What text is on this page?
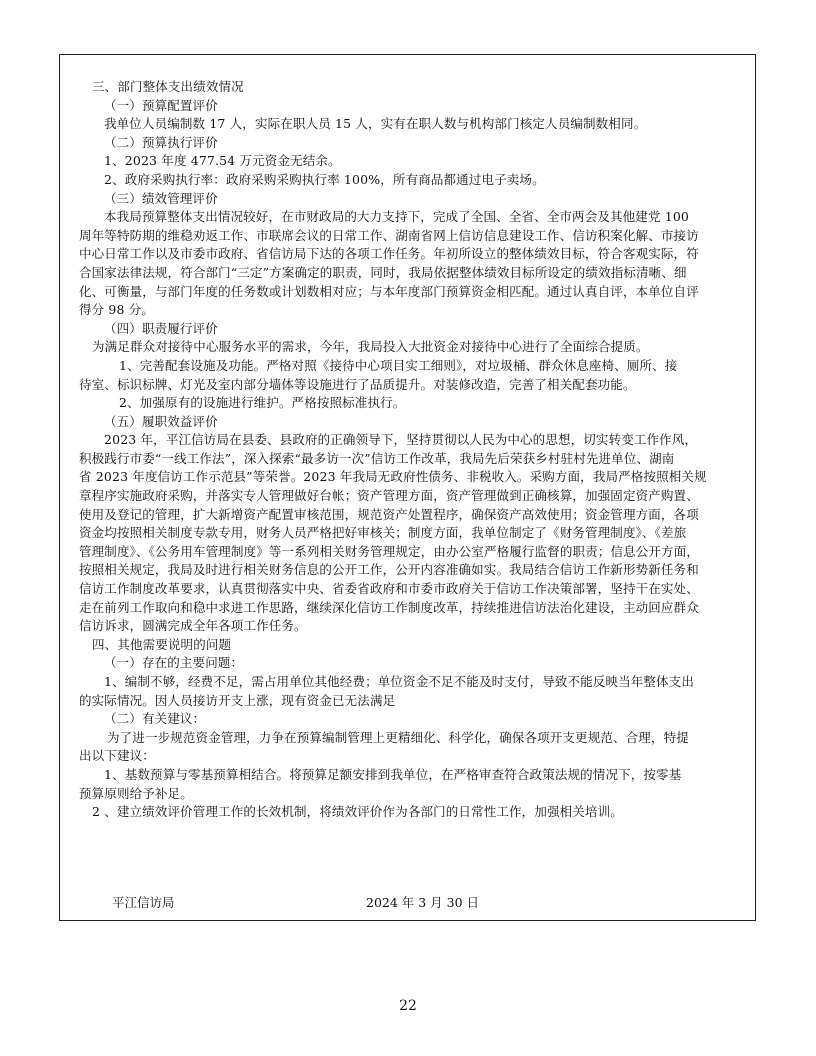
三、部门整体支出绩效情况
（一）预算配置评价
我单位人员编制数 17 人，实际在职人员 15 人，实有在职人数与机构部门核定人员编制数相同。
（二）预算执行评价
1、2023 年度 477.54 万元资金无结余。
2、政府采购执行率：政府采购采购执行率 100%，所有商品都通过电子卖场。
（三）绩效管理评价
本我局预算整体支出情况较好，在市财政局的大力支持下，完成了全国、全省、全市两会及其他建党 100
周年等特防期的维稳劝返工作、市联席会议的日常工作、湖南省网上信访信息建设工作、信访积案化解、市接访
中心日常工作以及市委市政府、省信访局下达的各项工作任务。年初所设立的整体绩效目标，符合客观实际，符
合国家法律法规，符合部门“三定”方案确定的职责，同时，我局依据整体绩效目标所设定的绩效指标清晰、细
化、可衡量，与部门年度的任务数或计划数相对应；与本年度部门预算资金相匹配。通过认真自评，本单位自评
得分 98 分。
（四）职责履行评价
为满足群众对接待中心服务水平的需求，今年，我局投入大批资金对接待中心进行了全面综合提质。
1、完善配套设施及功能。严格对照《接待中心项目实工细则》，对垃圾桶、群众休息座椅、厕所、接
待室、标识标牌、灯光及室内部分墙体等设施进行了品质提升。对装修改造，完善了相关配套功能。
2、加强原有的设施进行维护。严格按照标准执行。
（五）履职效益评价
2023 年，平江信访局在县委、县政府的正确领导下，坚持贯彻以人民为中心的思想，切实转变工作作风，
积极践行市委“一线工作法”，深入探索“最多访一次”信访工作改革，我局先后荣获乡村驻村先进单位、湖南
省 2023 年度信访工作示范县”等荣誉。2023 年我局无政府性债务、非税收入。采购方面，我局严格按照相关规
章程序实施政府采购，并落实专人管理做好台帐；资产管理方面，资产管理做到正确核算，加强固定资产购置、
使用及登记的管理，扩大新增资产配置审核范围，规范资产处置程序，确保资产高效使用；资金管理方面，各项
资金均按照相关制度专款专用，财务人员严格把好审核关；制度方面，我单位制定了《财务管理制度》、《差旅
管理制度》、《公务用车管理制度》等一系列相关财务管理规定，由办公室严格履行监督的职责；信息公开方面，
按照相关规定，我局及时进行相关财务信息的公开工作，公开内容准确如实。我局结合信访工作新形势新任务和
信访工作制度改革要求，认真贯彻落实中央、省委省政府和市委市政府关于信访工作决策部署，坚持干在实处、
走在前列工作取向和稳中求进工作思路，继续深化信访工作制度改革，持续推进信访法治化建设，主动回应群众
信访诉求，圆满完成全年各项工作任务。
四、其他需要说明的问题
（一）存在的主要问题：
1、编制不够，经费不足，需占用单位其他经费；单位资金不足不能及时支付，导致不能反映当年整体支出
的实际情况。因人员接访开支上涨，现有资金已无法满足
（二）有关建议：
为了进一步规范资金管理，力争在预算编制管理上更精细化、科学化，确保各项开支更规范、合理，特提
出以下建议：
1、基数预算与零基预算相结合。将预算足额安排到我单位，在严格审查符合政策法规的情况下，按零基
预算原则给予补足。
2 、建立绩效评价管理工作的长效机制，将绩效评价作为各部门的日常性工作，加强相关培训。
平江信访局	2024 年 3 月 30 日
22
